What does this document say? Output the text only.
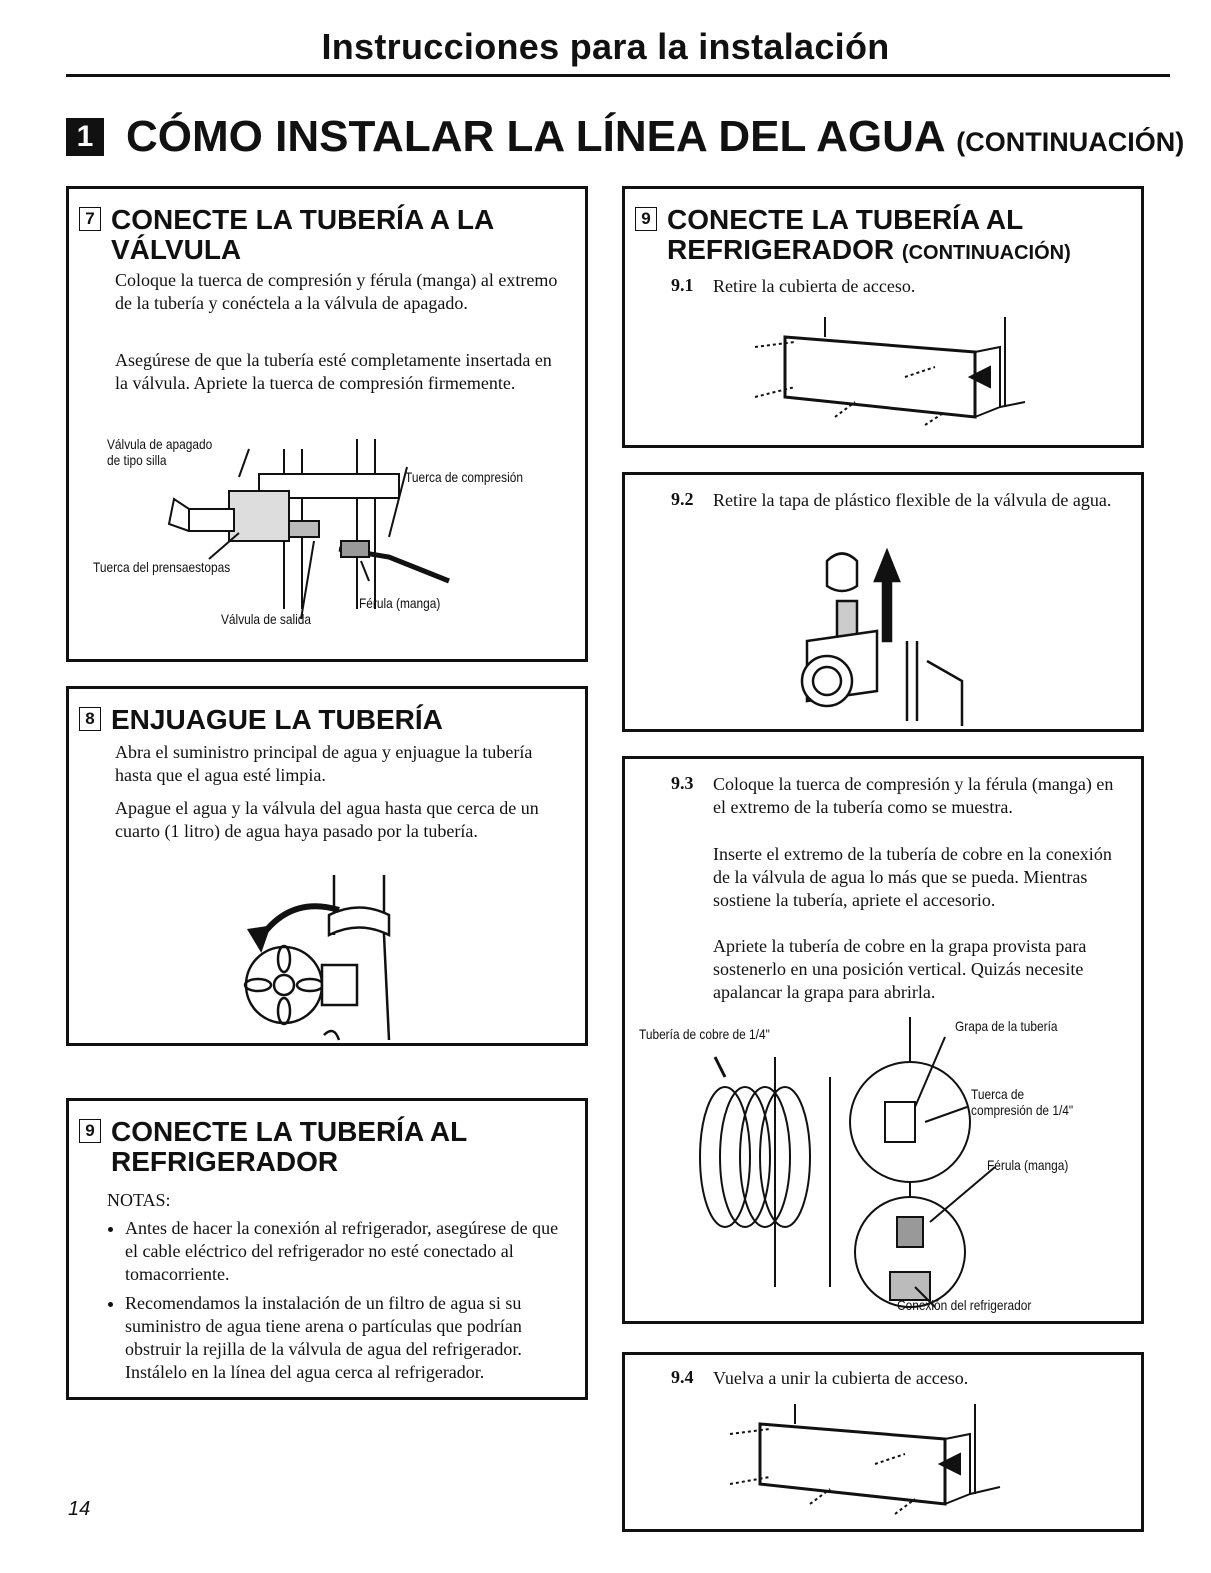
Instrucciones para la instalación
1 CÓMO INSTALAR LA LÍNEA DEL AGUA (CONTINUACIÓN)
7 CONECTE LA TUBERÍA A LA
VÁLVULA
Coloque la tuerca de compresión y férula (manga) al extremo de la tubería y conéctela a la válvula de apagado.
Asegúrese de que la tubería esté completamente insertada en la válvula. Apriete la tuerca de compresión firmemente.
Válvula de apagado
de tipo silla
Tuerca de compresión
Tuerca del prensaestopas
Férula (manga)
Válvula de salida
8 ENJUAGUE LA TUBERÍA
Abra el suministro principal de agua y enjuague la tubería hasta que el agua esté limpia.
Apague el agua y la válvula del agua hasta que cerca de un cuarto (1 litro) de agua haya pasado por la tubería.
9 CONECTE LA TUBERÍA AL
REFRIGERADOR
NOTAS:
• Antes de hacer la conexión al refrigerador, asegúrese de que el cable eléctrico del refrigerador no esté conectado al tomacorriente.
• Recomendamos la instalación de un filtro de agua si su suministro de agua tiene arena o partículas que podrían obstruir la rejilla de la válvula de agua del refrigerador. Instálelo en la línea del agua cerca al refrigerador.
9 CONECTE LA TUBERÍA AL
REFRIGERADOR (CONTINUACIÓN)
9.1 Retire la cubierta de acceso.
9.2 Retire la tapa de plástico flexible de la válvula de agua.
9.3 Coloque la tuerca de compresión y la férula (manga) en el extremo de la tubería como se muestra.
Inserte el extremo de la tubería de cobre en la conexión de la válvula de agua lo más que se pueda. Mientras sostiene la tubería, apriete el accesorio.
Apriete la tubería de cobre en la grapa provista para sostenerlo en una posición vertical. Quizás necesite apalancar la grapa para abrirla.
Tubería de cobre de 1/4"	Grapa de la tubería
Tuerca de
compresión de 1/4"
Férula (manga)
Conexión del refrigerador
9.4 Vuelva a unir la cubierta de acceso.
14
